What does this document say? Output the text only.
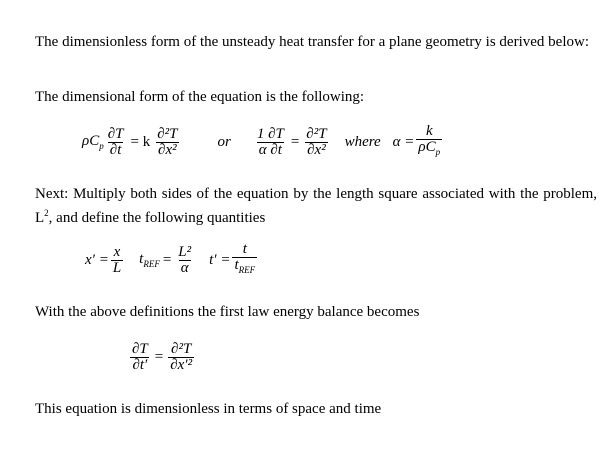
The dimensionless form of the unsteady heat transfer for a plane geometry is derived below:
The dimensional form of the equation is the following:
$\rho C_p \frac{\partial T}{\partial t} = k \frac{\text{∂²T}}{\text{∂x²}}$	or $\frac{1 \partial T}{\alpha \partial t} = \frac{\text{∂²T}}{\text{∂x²}}$ where $\alpha = \frac{k}{\rho C_p}$
Next: Multiply both sides of the equation by the length square associated with the problem, $L^2$, and define the following quantities
$x' = \frac{x}{L} t_{REF} = \frac{\text{L²}}{\alpha} t' = \frac{t}{t_{REF}}$
With the above definitions the first law energy balance becomes
$\frac{\partial T}{\partial t'} = \frac{\text{∂²T}}{\text{∂x′²}}$
This equation is dimensionless in terms of space and time
